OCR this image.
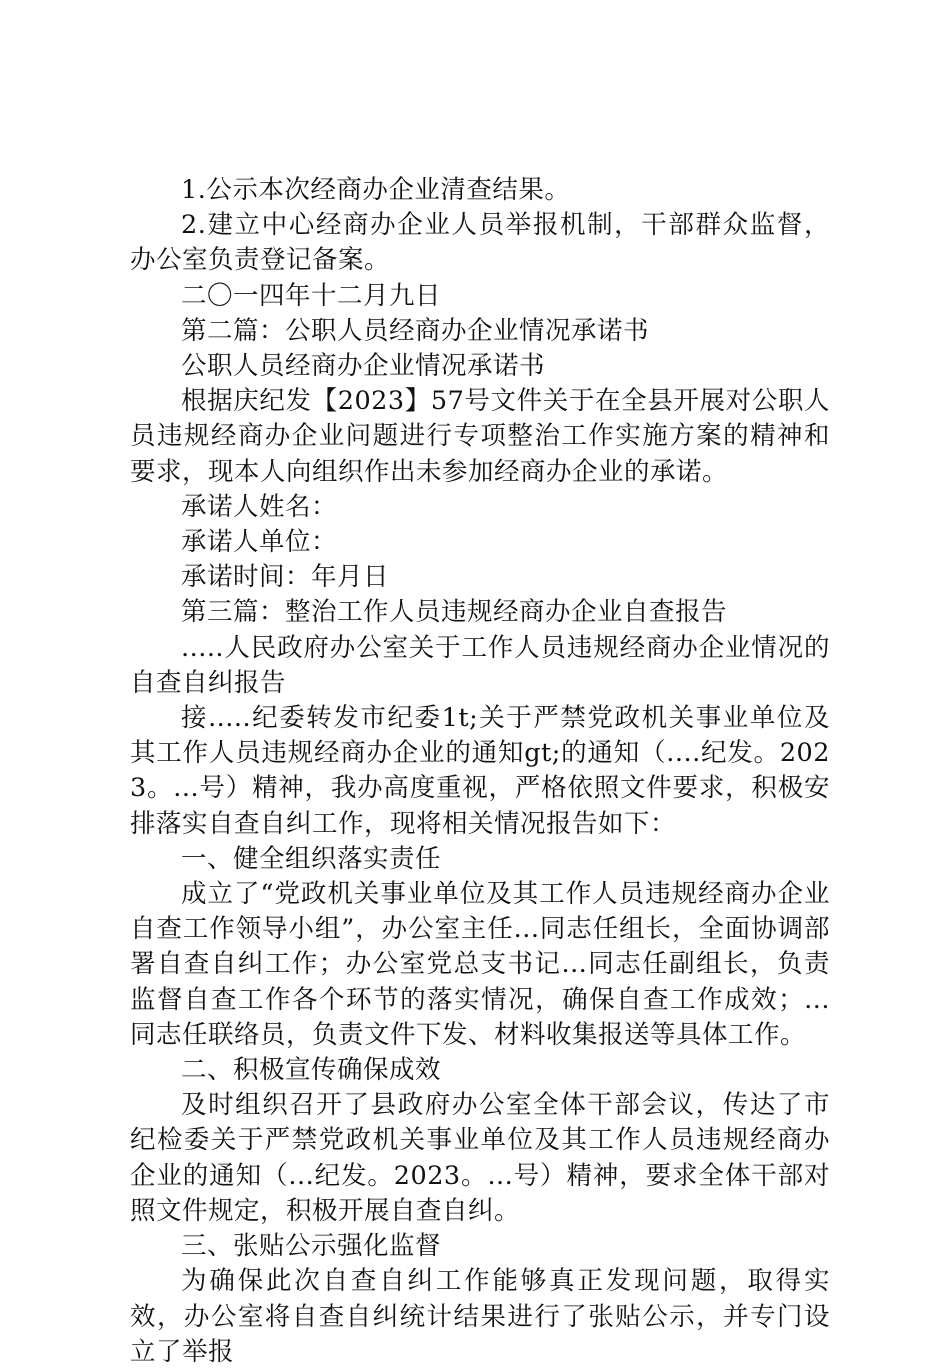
1.公示本次经商办企业清查结果。

2.建立中心经商办企业人员举报机制，干部群众监督，办公室负责登记备案。

二〇一四年十二月九日

第二篇：公职人员经商办企业情况承诺书

公职人员经商办企业情况承诺书

根据庆纪发【2023】57号文件关于在全县开展对公职人员违规经商办企业问题进行专项整治工作实施方案的精神和要求，现本人向组织作出未参加经商办企业的承诺。

承诺人姓名：

承诺人单位：

承诺时间：年月日

第三篇：整治工作人员违规经商办企业自查报告

.....人民政府办公室关于工作人员违规经商办企业情况的自查自纠报告

接.....纪委转发市纪委1t;关于严禁党政机关事业单位及其工作人员违规经商办企业的通知gt;的通知（....纪发。2023。...号）精神，我办高度重视，严格依照文件要求，积极安排落实自查自纠工作，现将相关情况报告如下：

一、健全组织落实责任

成立了“党政机关事业单位及其工作人员违规经商办企业自查工作领导小组”，办公室主任...同志任组长，全面协调部署自查自纠工作；办公室党总支书记...同志任副组长，负责监督自查工作各个环节的落实情况，确保自查工作成效；...同志任联络员，负责文件下发、材料收集报送等具体工作。

二、积极宣传确保成效

及时组织召开了县政府办公室全体干部会议，传达了市纪检委关于严禁党政机关事业单位及其工作人员违规经商办企业的通知（...纪发。2023。...号）精神，要求全体干部对照文件规定，积极开展自查自纠。

三、张贴公示强化监督

为确保此次自查自纠工作能够真正发现问题，取得实效，办公室将自查自纠统计结果进行了张贴公示，并专门设立了举报
